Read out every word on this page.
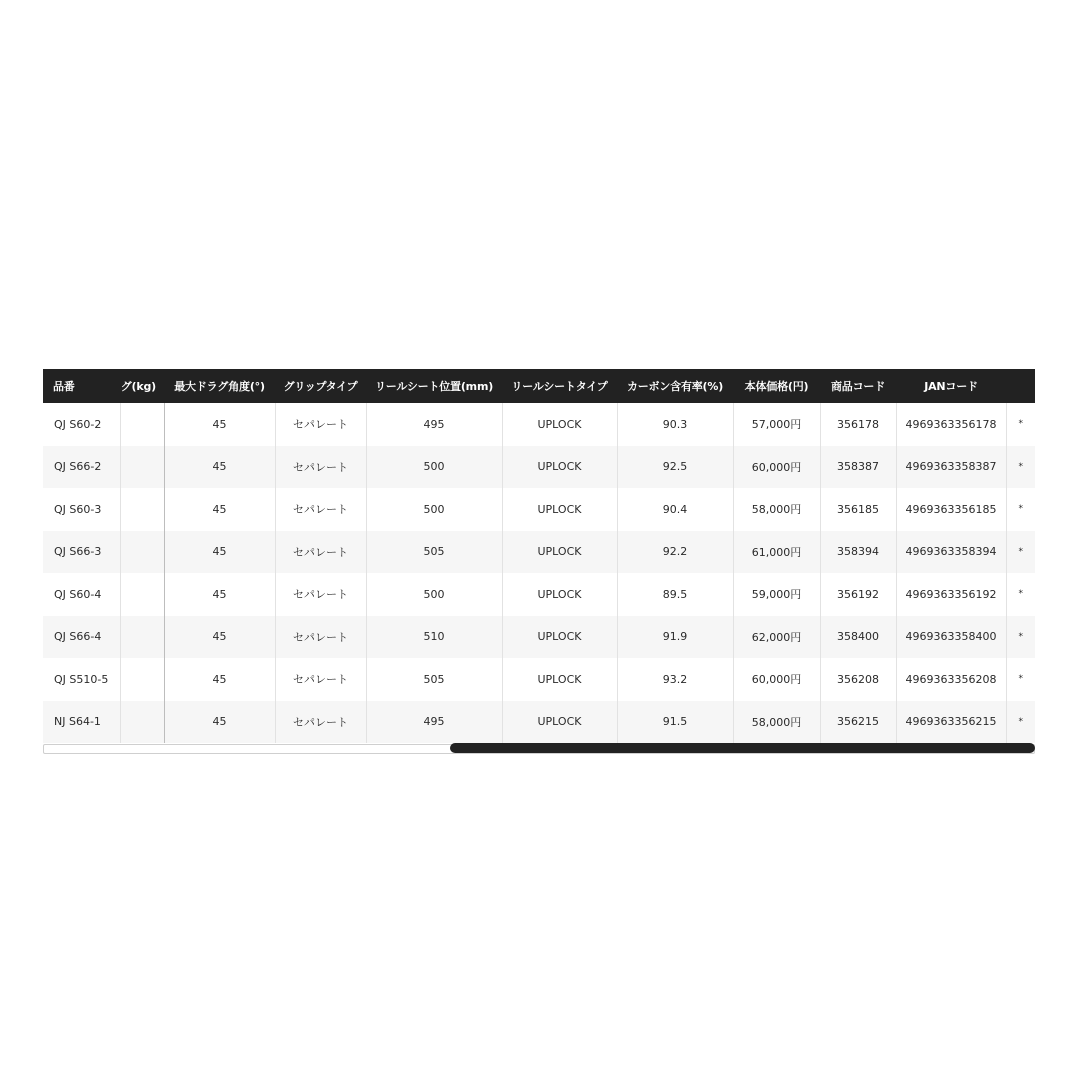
品番	グ(kg)	最大ドラグ角度(°)	グリップタイプ	リールシート位置(mm)	リールシートタイプ	カーボン含有率(%)	本体価格(円)	商品コード	JANコード	
QJ S60-2		45	セパレート	495	UPLOCK	90.3	57,000円	356178	4969363356178	*
QJ S66-2		45	セパレート	500	UPLOCK	92.5	60,000円	358387	4969363358387	*
QJ S60-3		45	セパレート	500	UPLOCK	90.4	58,000円	356185	4969363356185	*
QJ S66-3		45	セパレート	505	UPLOCK	92.2	61,000円	358394	4969363358394	*
QJ S60-4		45	セパレート	500	UPLOCK	89.5	59,000円	356192	4969363356192	*
QJ S66-4		45	セパレート	510	UPLOCK	91.9	62,000円	358400	4969363358400	*
QJ S510-5		45	セパレート	505	UPLOCK	93.2	60,000円	356208	4969363356208	*
NJ S64-1		45	セパレート	495	UPLOCK	91.5	58,000円	356215	4969363356215	*
